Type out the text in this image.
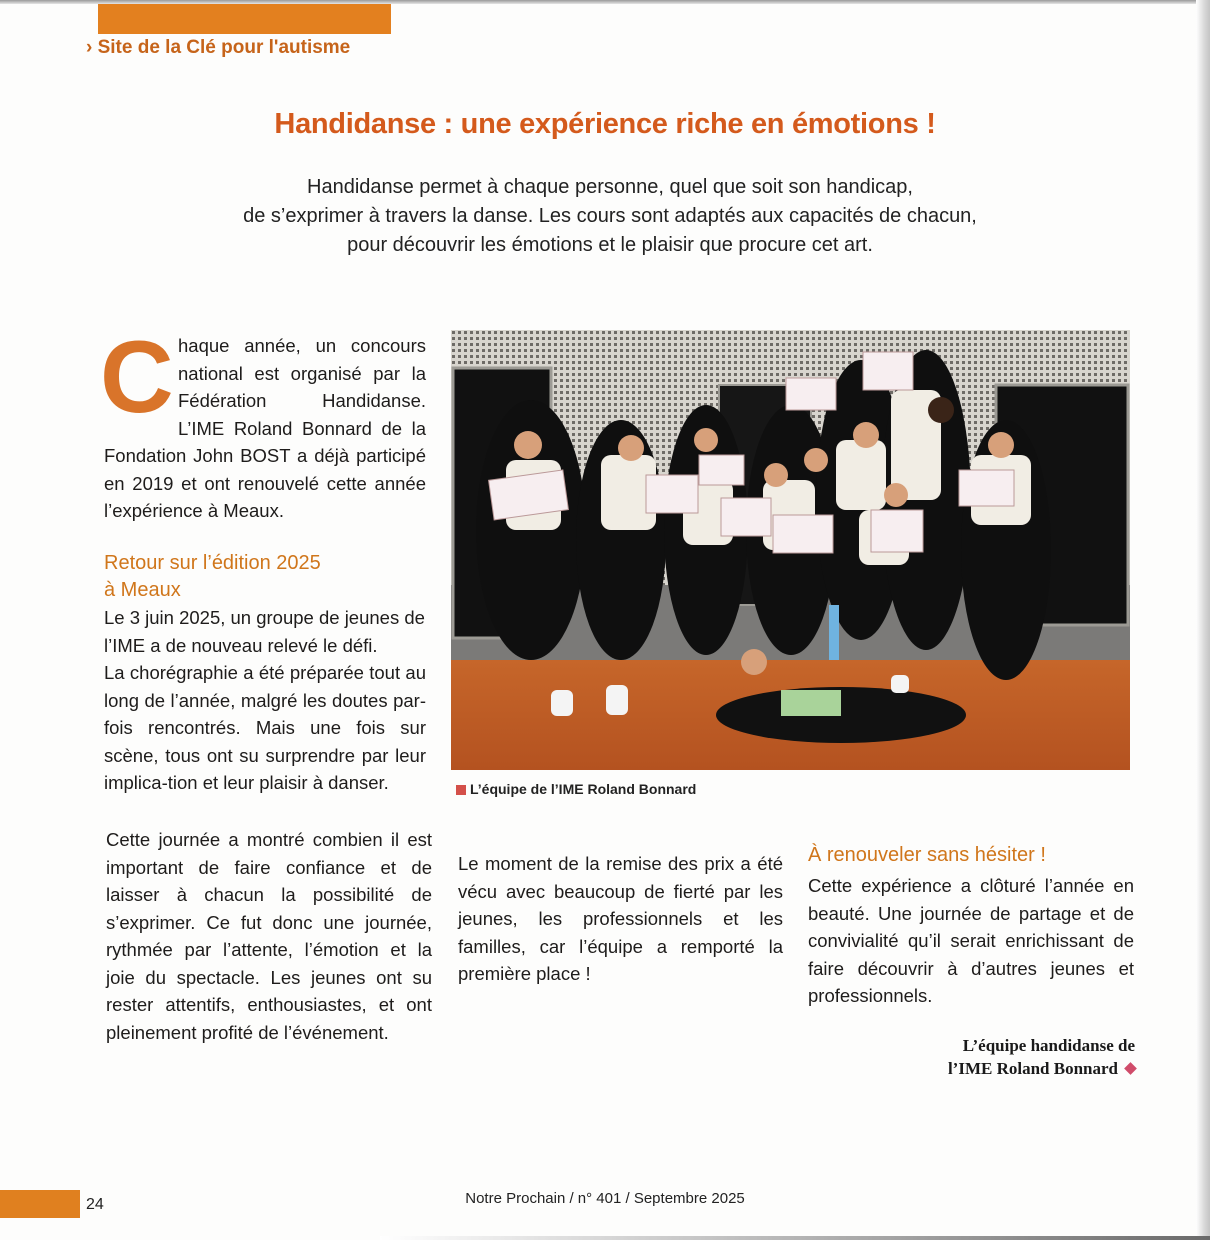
› Site de la Clé pour l'autisme
Handidanse : une expérience riche en émotions !
Handidanse permet à chaque personne, quel que soit son handicap,
de s’exprimer à travers la danse. Les cours sont adaptés aux capacités de chacun,
pour découvrir les émotions et le plaisir que procure cet art.
C haque année, un concours national est organisé par la Fédération Handidanse. L’IME Roland Bonnard de la Fondation John BOST a déjà participé en 2019 et ont renouvelé cette année l’expérience à Meaux.

Retour sur l’édition 2025
à Meaux

Le 3 juin 2025, un groupe de jeunes de l’IME a de nouveau relevé le défi.

La chorégraphie a été préparée tout au long de l’année, malgré les doutes par-fois rencontrés. Mais une fois sur scène, tous ont su surprendre par leur implica-tion et leur plaisir à danser.

Cette journée a montré combien il est important de faire confiance et de laisser à chacun la possibilité de s’exprimer. Ce fut donc une journée, rythmée par l’attente, l’émotion et la joie du spectacle. Les jeunes ont su rester attentifs, enthousiastes, et ont pleinement profité de l’événement.

L’équipe de l’IME Roland Bonnard

Le moment de la remise des prix a été vécu avec beaucoup de fierté par les jeunes, les professionnels et les familles, car l’équipe a remporté la première place !

À renouveler sans hésiter !

Cette expérience a clôturé l’année en beauté. Une journée de partage et de convivialité qu’il serait enrichissant de faire découvrir à d’autres jeunes et professionnels.

L’équipe handidanse de
l’IME Roland Bonnard
24	Notre Prochain / n° 401 / Septembre 2025
